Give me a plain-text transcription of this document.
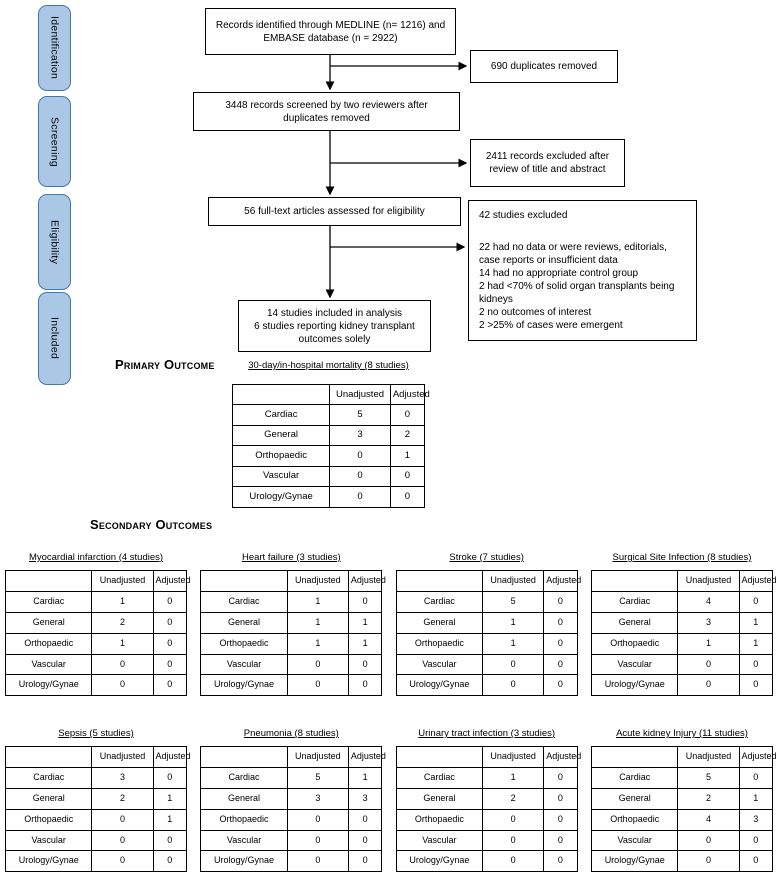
Identification
Screening
Eligibility
Included
Records identified through MEDLINE (n= 1216) and EMBASE database (n = 2922)
690 duplicates removed
3448 records screened by two reviewers after duplicates removed
2411 records excluded after review of title and abstract
56 full-text articles assessed for eligibility	42 studies excluded
22 had no data or were reviews, editorials, case reports or insufficient data
14 had no appropriate control group
2 had <70% of solid organ transplants being kidneys
2 no outcomes of interest
2 >25% of cases were emergent
14 studies included in analysis
6 studies reporting kidney transplant outcomes solely
Primary Outcome	30-day/in-hospital mortality (8 studies)
	Unadjusted	Adjusted
Cardiac	5	0
General	3	2
Orthopaedic	0	1
Vascular	0	0
Urology/Gynae	0	0
Secondary Outcomes
Myocardial infarction (4 studies)
	Unadjusted	Adjusted
Cardiac	1	0
General	2	0
Orthopaedic	1	0
Vascular	0	0
Urology/Gynae	0	0
Heart failure (3 studies)
	Unadjusted	Adjusted
Cardiac	1	0
General	1	1
Orthopaedic	1	1
Vascular	0	0
Urology/Gynae	0	0
Stroke (7 studies)
	Unadjusted	Adjusted
Cardiac	5	0
General	1	0
Orthopaedic	1	0
Vascular	0	0
Urology/Gynae	0	0
Surgical Site Infection (8 studies)
	Unadjusted	Adjusted
Cardiac	4	0
General	3	1
Orthopaedic	1	1
Vascular	0	0
Urology/Gynae	0	0
Sepsis (5 studies)
	Unadjusted	Adjusted
Cardiac	3	0
General	2	1
Orthopaedic	0	1
Vascular	0	0
Urology/Gynae	0	0
Pneumonia (8 studies)
	Unadjusted	Adjusted
Cardiac	5	1
General	3	3
Orthopaedic	0	0
Vascular	0	0
Urology/Gynae	0	0
Urinary tract infection (3 studies)
	Unadjusted	Adjusted
Cardiac	1	0
General	2	0
Orthopaedic	0	0
Vascular	0	0
Urology/Gynae	0	0
Acute kidney Injury (11 studies)
	Unadjusted	Adjusted
Cardiac	5	0
General	2	1
Orthopaedic	4	3
Vascular	0	0
Urology/Gynae	0	0
